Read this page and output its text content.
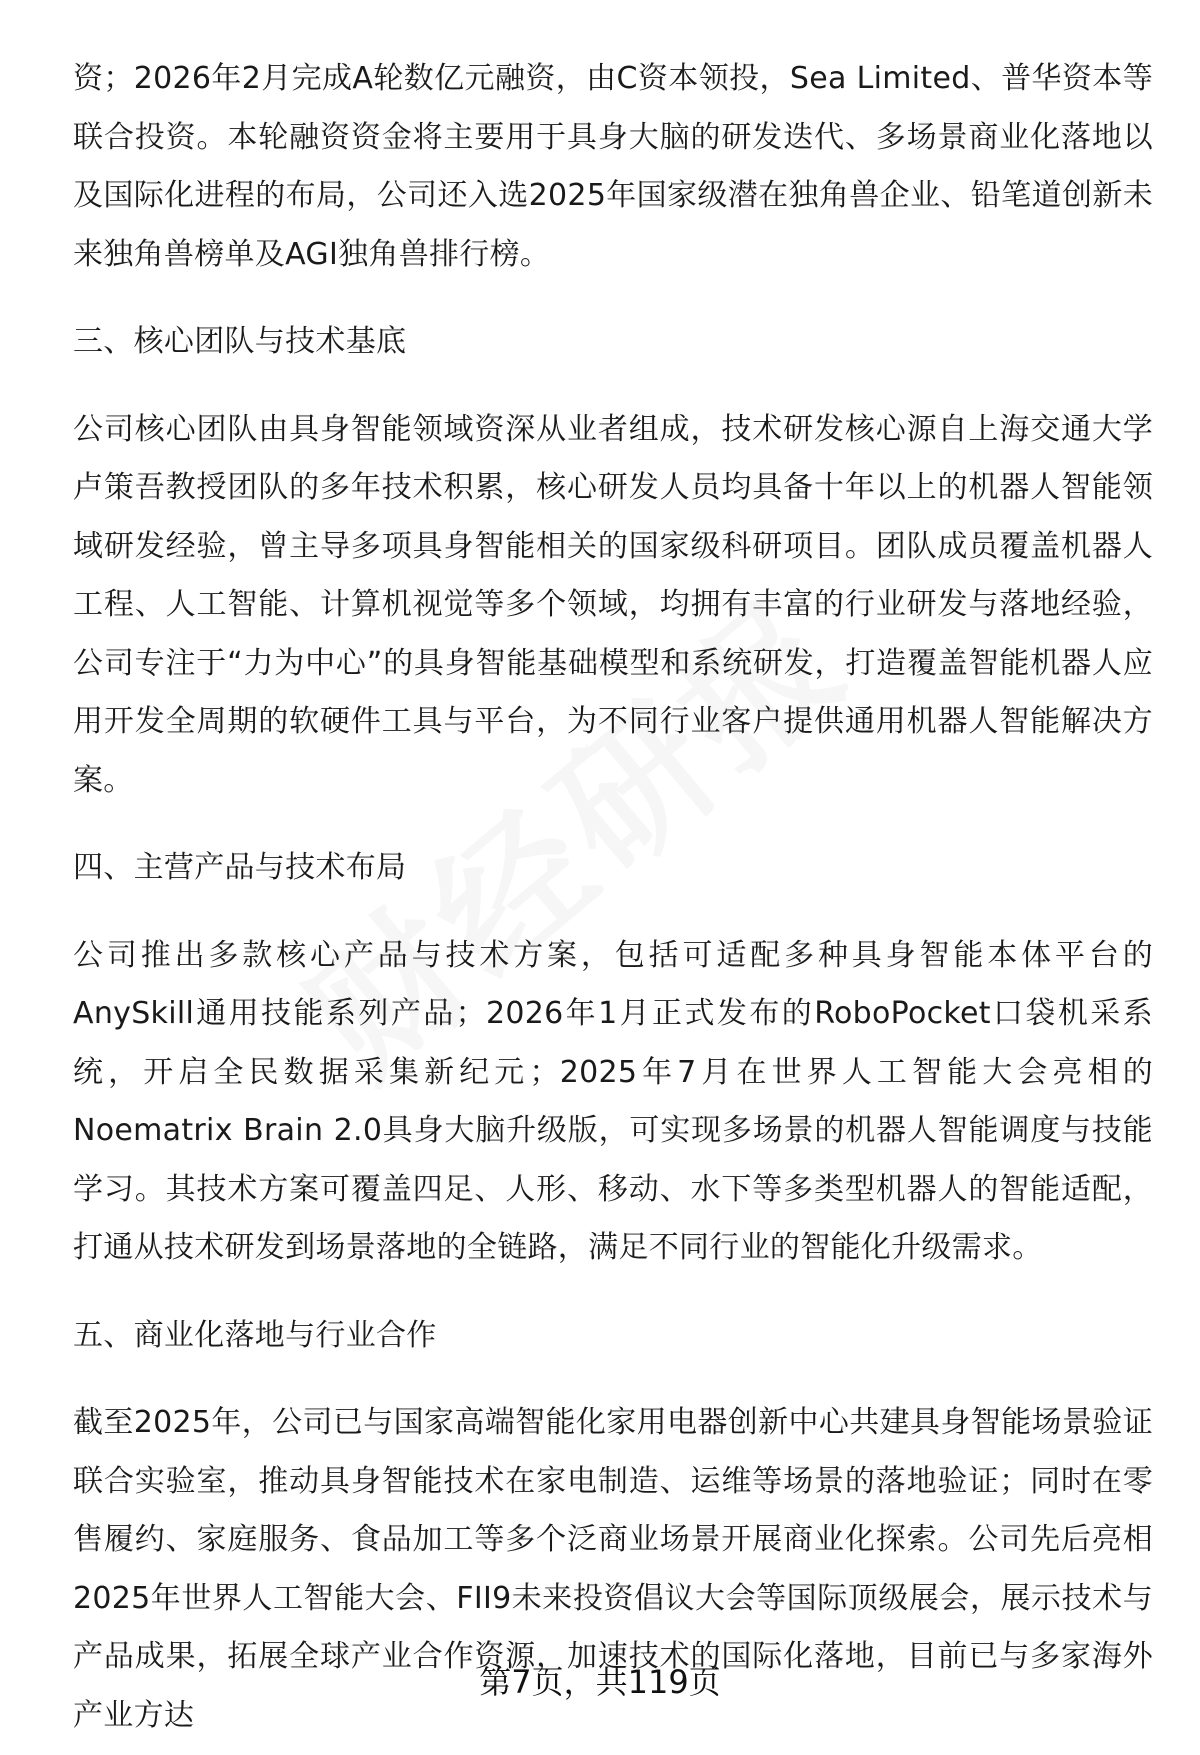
资；2026年2月完成A轮数亿元融资，由C资本领投，Sea Limited、普华资本等联合投资。本轮融资资金将主要用于具身大脑的研发迭代、多场景商业化落地以及国际化进程的布局，公司还入选2025年国家级潜在独角兽企业、铅笔道创新未来独角兽榜单及AGI独角兽排行榜。

三、核心团队与技术基底

公司核心团队由具身智能领域资深从业者组成，技术研发核心源自上海交通大学卢策吾教授团队的多年技术积累，核心研发人员均具备十年以上的机器人智能领域研发经验，曾主导多项具身智能相关的国家级科研项目。团队成员覆盖机器人工程、人工智能、计算机视觉等多个领域，均拥有丰富的行业研发与落地经验，公司专注于“力为中心”的具身智能基础模型和系统研发，打造覆盖智能机器人应用开发全周期的软硬件工具与平台，为不同行业客户提供通用机器人智能解决方案。

四、主营产品与技术布局

公司推出多款核心产品与技术方案，包括可适配多种具身智能本体平台的AnySkill通用技能系列产品；2026年1月正式发布的RoboPocket口袋机采系统，开启全民数据采集新纪元；2025年7月在世界人工智能大会亮相的Noematrix Brain 2.0具身大脑升级版，可实现多场景的机器人智能调度与技能学习。其技术方案可覆盖四足、人形、移动、水下等多类型机器人的智能适配，打通从技术研发到场景落地的全链路，满足不同行业的智能化升级需求。

五、商业化落地与行业合作

截至2025年，公司已与国家高端智能化家用电器创新中心共建具身智能场景验证联合实验室，推动具身智能技术在家电制造、运维等场景的落地验证；同时在零售履约、家庭服务、食品加工等多个泛商业场景开展商业化探索。公司先后亮相2025年世界人工智能大会、FII9未来投资倡议大会等国际顶级展会，展示技术与产品成果，拓展全球产业合作资源，加速技术的国际化落地，目前已与多家海外产业方达

第7页，共119页
